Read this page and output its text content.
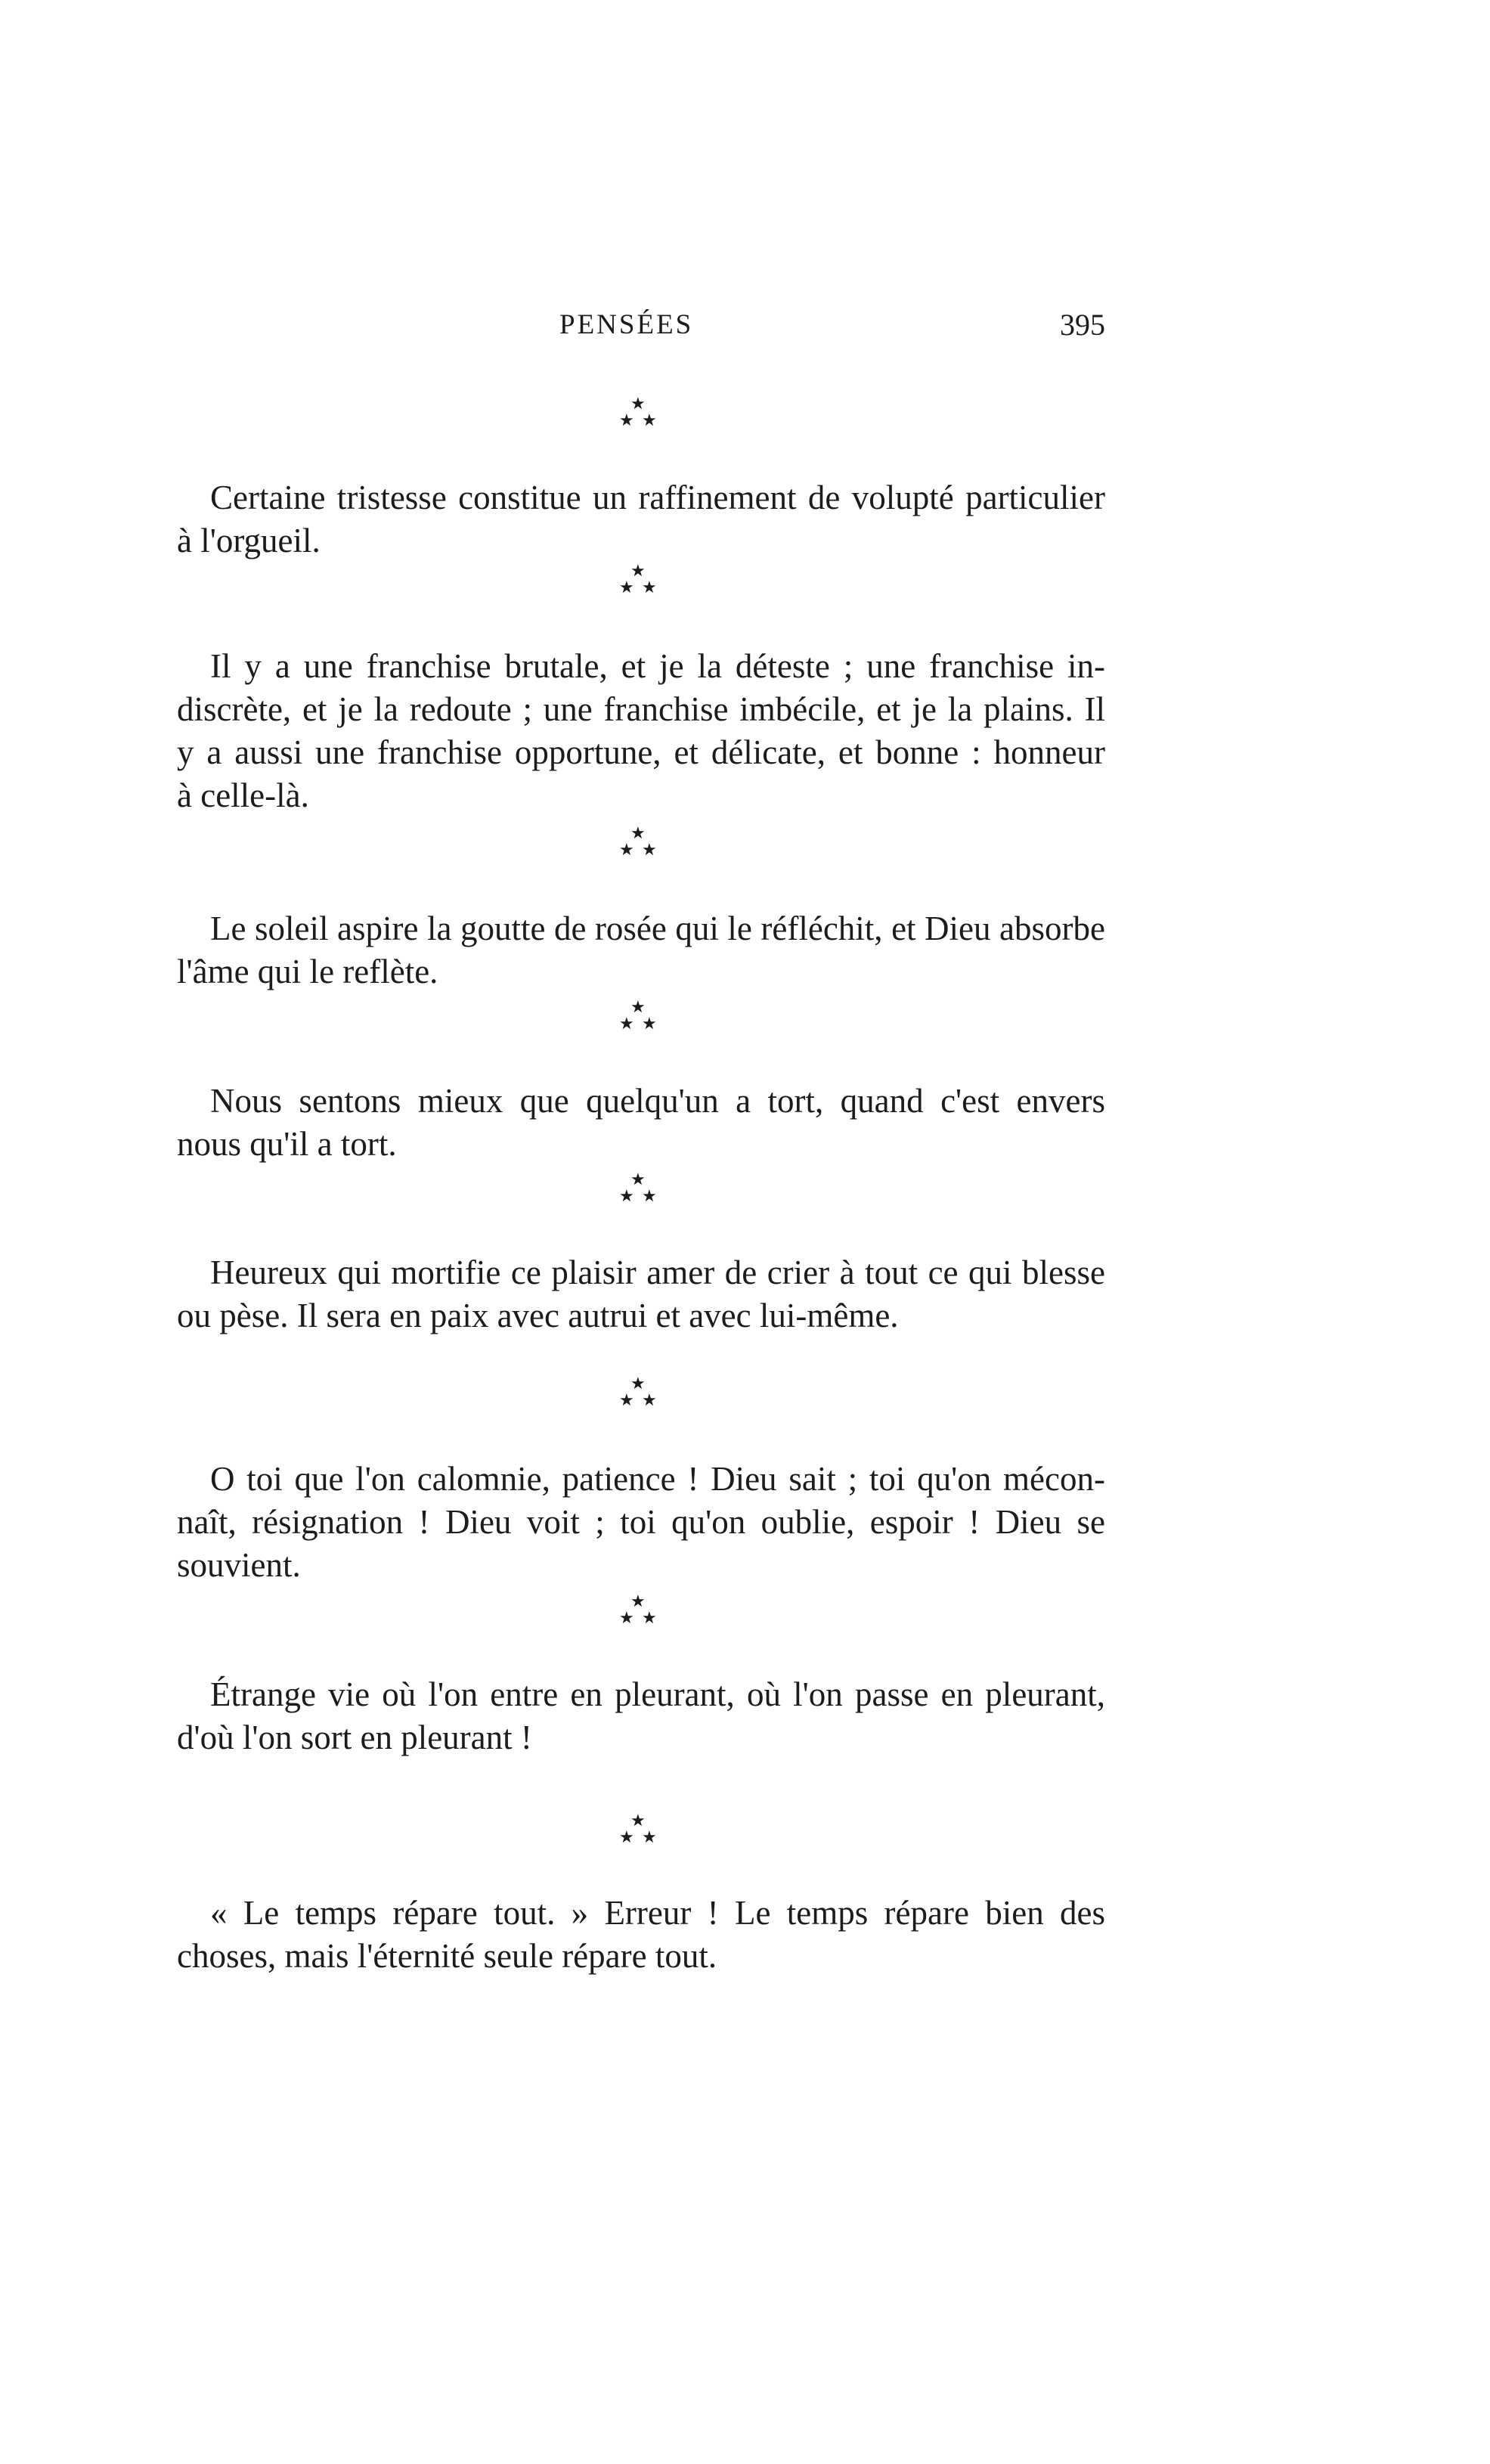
PENSÉES	395
★
★ ★

Certaine tristesse constitue un raffinement de volupté particulier
à l'orgueil.

★
★ ★

Il y a une franchise brutale, et je la déteste ; une franchise in-
discrète, et je la redoute ; une franchise imbécile, et je la plains. Il
y a aussi une franchise opportune, et délicate, et bonne : honneur
à celle-là.

★
★ ★

Le soleil aspire la goutte de rosée qui le réfléchit, et Dieu absorbe
l'âme qui le reflète.

★
★ ★

Nous sentons mieux que quelqu'un a tort, quand c'est envers
nous qu'il a tort.

★
★ ★

Heureux qui mortifie ce plaisir amer de crier à tout ce qui blesse
ou pèse. Il sera en paix avec autrui et avec lui-même.

★
★ ★

O toi que l'on calomnie, patience ! Dieu sait ; toi qu'on mécon-
naît, résignation ! Dieu voit ; toi qu'on oublie, espoir ! Dieu se
souvient.

★
★ ★

Étrange vie où l'on entre en pleurant, où l'on passe en pleurant,
d'où l'on sort en pleurant !

★
★ ★

« Le temps répare tout. » Erreur ! Le temps répare bien des
choses, mais l'éternité seule répare tout.
